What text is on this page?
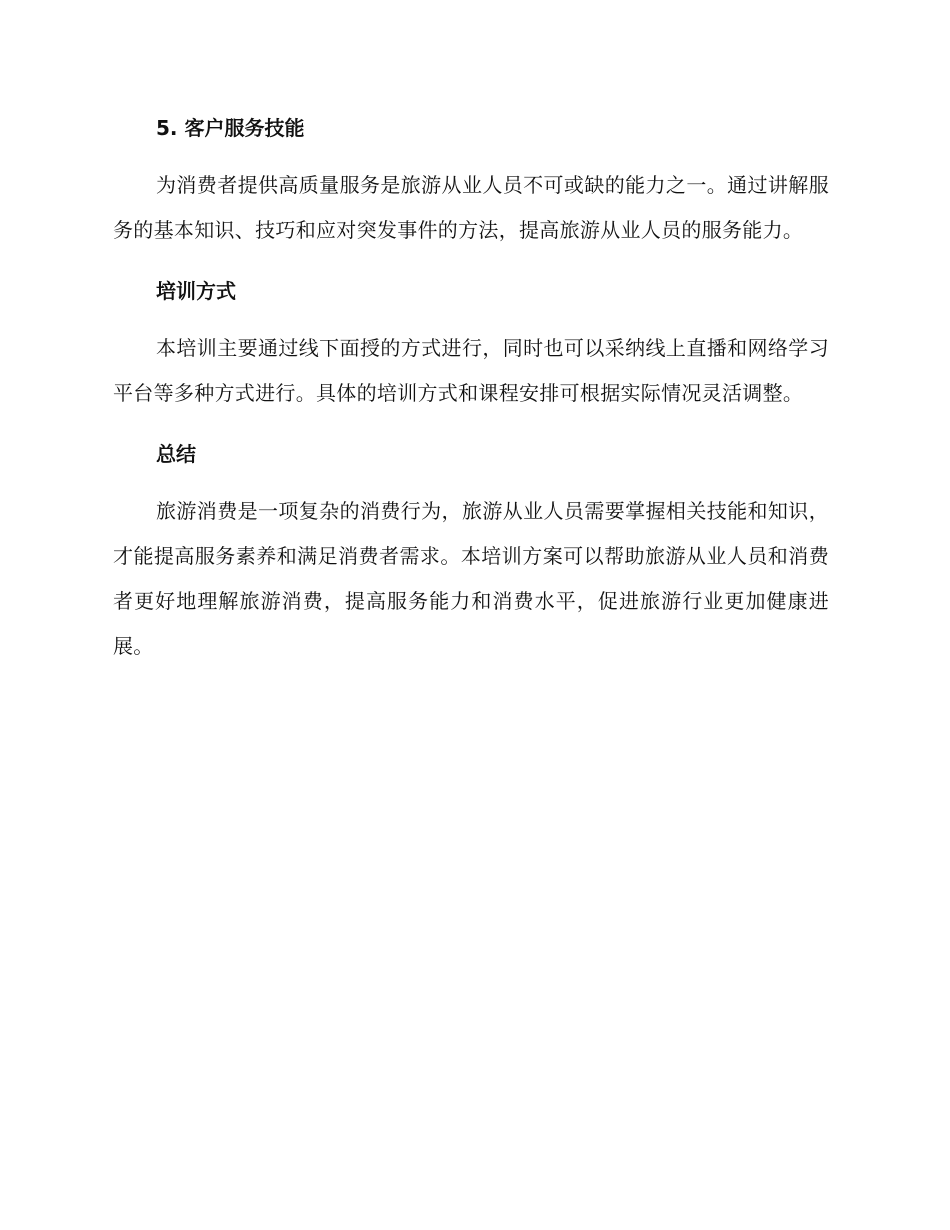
5. 客户服务技能

为消费者提供高质量服务是旅游从业人员不可或缺的能力之一。通过讲解服务的基本知识、技巧和应对突发事件的方法，提高旅游从业人员的服务能力。

培训方式

本培训主要通过线下面授的方式进行，同时也可以采纳线上直播和网络学习平台等多种方式进行。具体的培训方式和课程安排可根据实际情况灵活调整。

总结

旅游消费是一项复杂的消费行为，旅游从业人员需要掌握相关技能和知识，才能提高服务素养和满足消费者需求。本培训方案可以帮助旅游从业人员和消费者更好地理解旅游消费，提高服务能力和消费水平，促进旅游行业更加健康进展。
